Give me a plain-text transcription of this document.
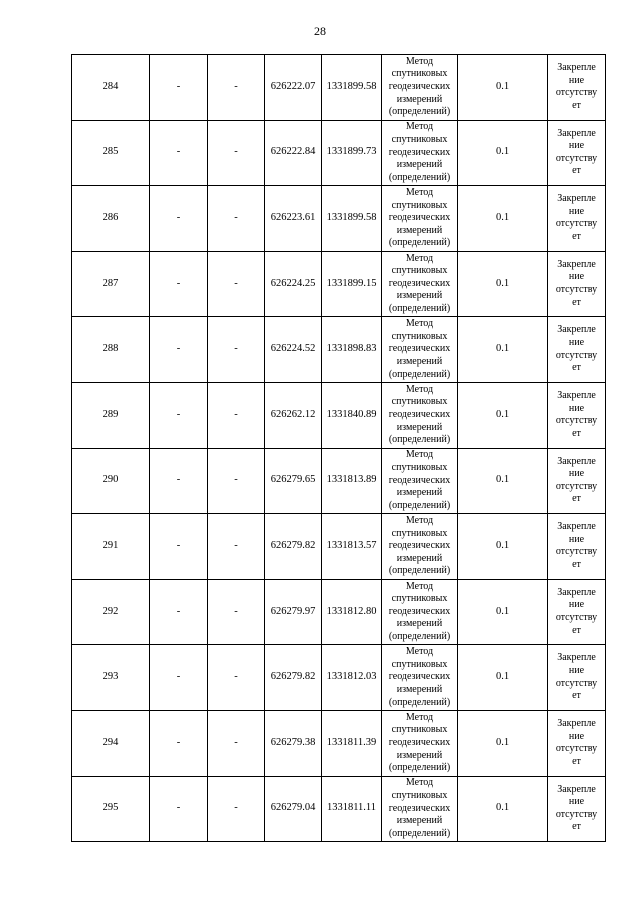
28
284	-	-	626222.07	1331899.58	Метод
спутниковых
геодезических
измерений
(определений)	0.1	Закрепле
ние
отсутству
ет

285	-	-	626222.84	1331899.73	Метод
спутниковых
геодезических
измерений
(определений)	0.1	Закрепле
ние
отсутству
ет

286	-	-	626223.61	1331899.58	Метод
спутниковых
геодезических
измерений
(определений)	0.1	Закрепле
ние
отсутству
ет

287	-	-	626224.25	1331899.15	Метод
спутниковых
геодезических
измерений
(определений)	0.1	Закрепле
ние
отсутству
ет

288	-	-	626224.52	1331898.83	Метод
спутниковых
геодезических
измерений
(определений)	0.1	Закрепле
ние
отсутству
ет

289	-	-	626262.12	1331840.89	Метод
спутниковых
геодезических
измерений
(определений)	0.1	Закрепле
ние
отсутству
ет

290	-	-	626279.65	1331813.89	Метод
спутниковых
геодезических
измерений
(определений)	0.1	Закрепле
ние
отсутству
ет

291	-	-	626279.82	1331813.57	Метод
спутниковых
геодезических
измерений
(определений)	0.1	Закрепле
ние
отсутству
ет

292	-	-	626279.97	1331812.80	Метод
спутниковых
геодезических
измерений
(определений)	0.1	Закрепле
ние
отсутству
ет

293	-	-	626279.82	1331812.03	Метод
спутниковых
геодезических
измерений
(определений)	0.1	Закрепле
ние
отсутству
ет

294	-	-	626279.38	1331811.39	Метод
спутниковых
геодезических
измерений
(определений)	0.1	Закрепле
ние
отсутству
ет

295	-	-	626279.04	1331811.11	Метод
спутниковых
геодезических
измерений
(определений)	0.1	Закрепле
ние
отсутству
ет
